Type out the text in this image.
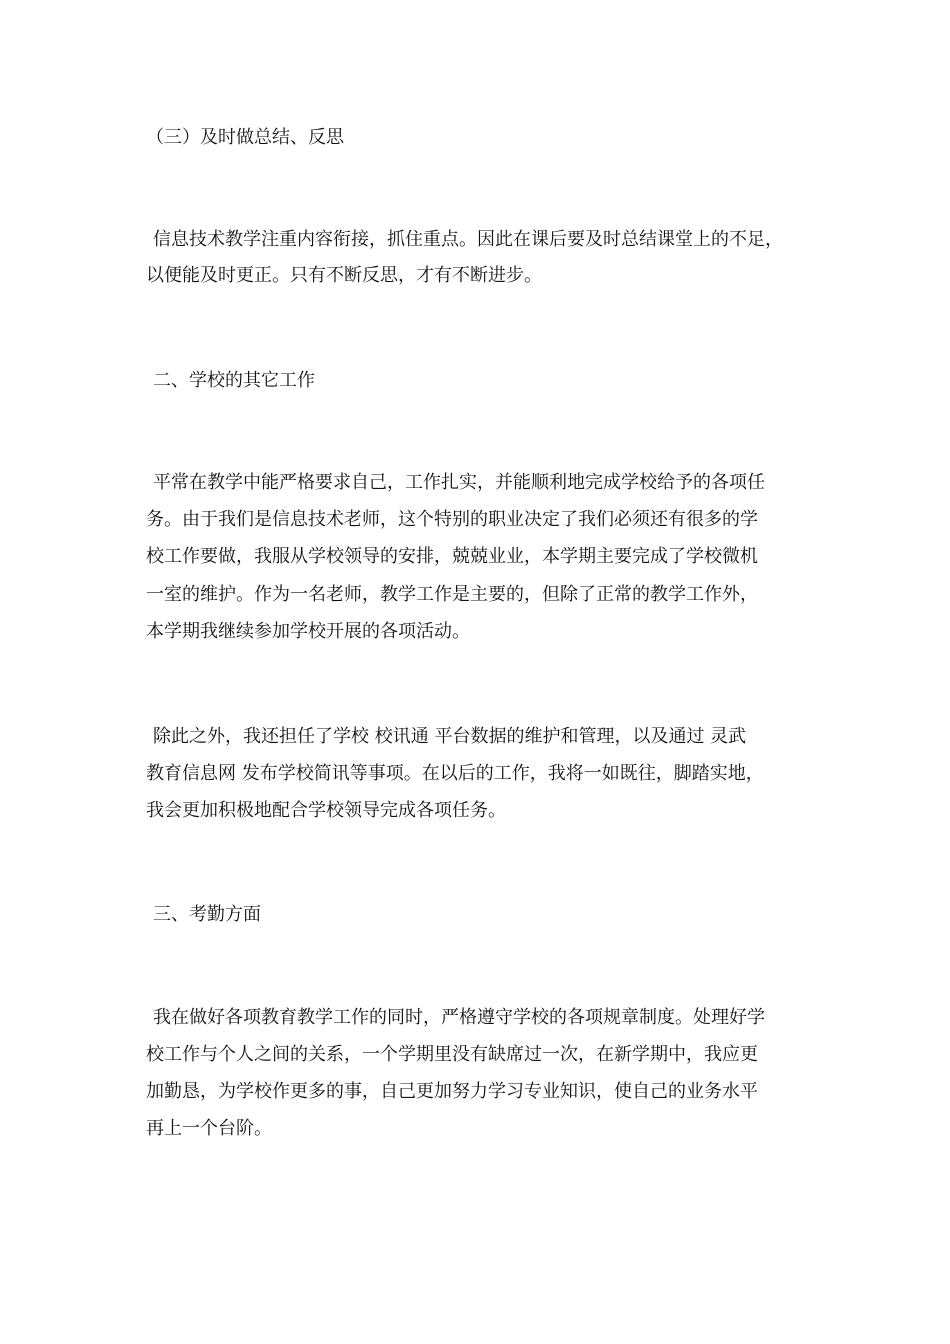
（三）及时做总结、反思
信息技术教学注重内容衔接，抓住重点。因此在课后要及时总结课堂上的不足，
以便能及时更正。只有不断反思，才有不断进步。
二、学校的其它工作
平常在教学中能严格要求自己，工作扎实，并能顺利地完成学校给予的各项任
务。由于我们是信息技术老师，这个特别的职业决定了我们必须还有很多的学
校工作要做，我服从学校领导的安排，兢兢业业，本学期主要完成了学校微机
一室的维护。作为一名老师，教学工作是主要的，但除了正常的教学工作外，
本学期我继续参加学校开展的各项活动。
除此之外，我还担任了学校 校讯通 平台数据的维护和管理，以及通过 灵武
教育信息网 发布学校简讯等事项。在以后的工作，我将一如既往，脚踏实地，
我会更加积极地配合学校领导完成各项任务。
三、考勤方面
我在做好各项教育教学工作的同时，严格遵守学校的各项规章制度。处理好学
校工作与个人之间的关系，一个学期里没有缺席过一次，在新学期中，我应更
加勤恳，为学校作更多的事，自己更加努力学习专业知识，使自己的业务水平
再上一个台阶。
